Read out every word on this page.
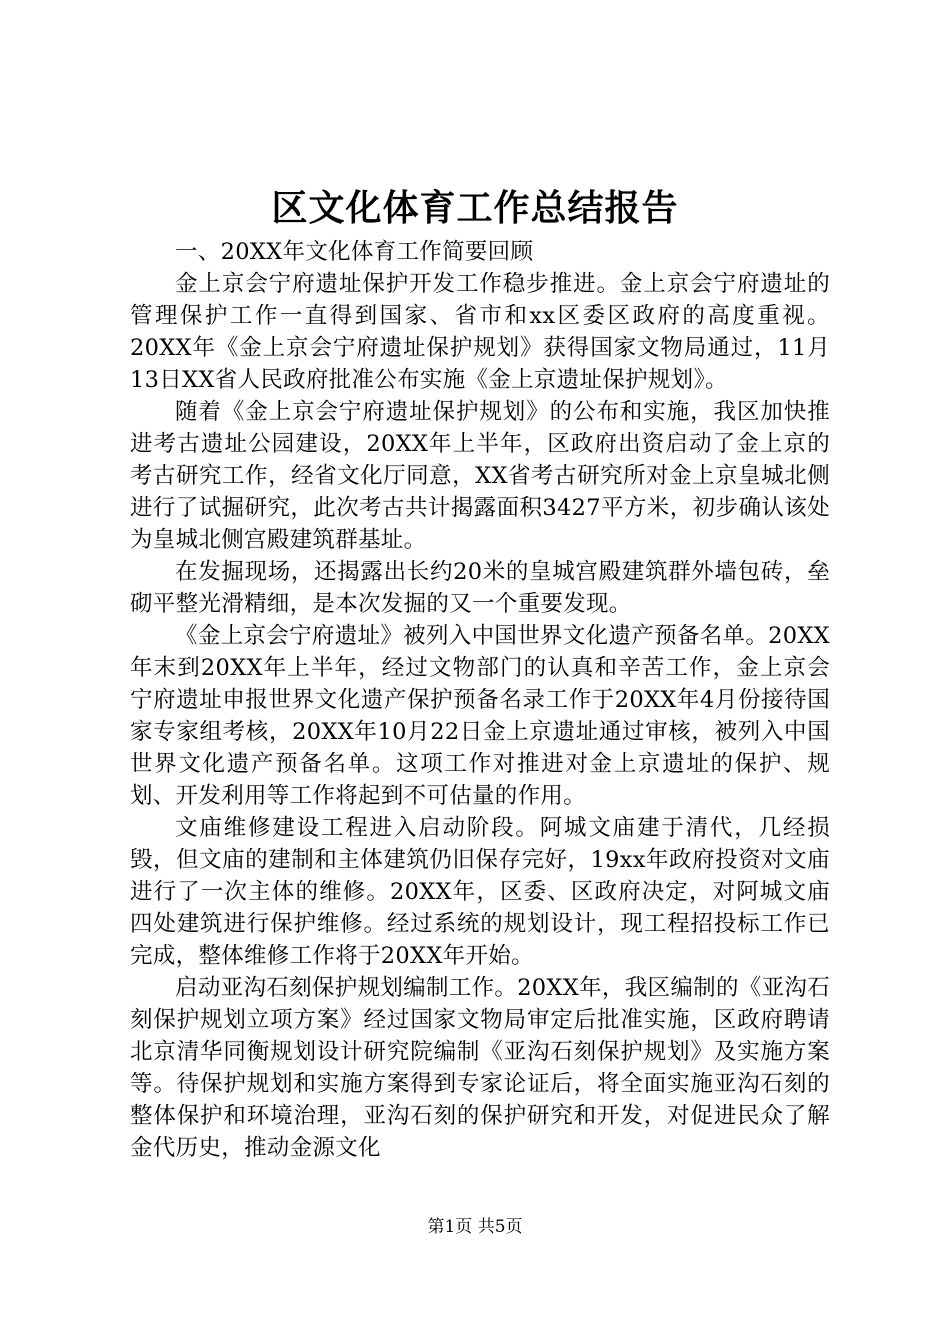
区文化体育工作总结报告

一、20XX年文化体育工作简要回顾

金上京会宁府遗址保护开发工作稳步推进。金上京会宁府遗址的管理保护工作一直得到国家、省市和xx区委区政府的高度重视。20XX年《金上京会宁府遗址保护规划》获得国家文物局通过，11月13日XX省人民政府批准公布实施《金上京遗址保护规划》。

随着《金上京会宁府遗址保护规划》的公布和实施，我区加快推进考古遗址公园建设，20XX年上半年，区政府出资启动了金上京的考古研究工作，经省文化厅同意，XX省考古研究所对金上京皇城北侧进行了试掘研究，此次考古共计揭露面积3427平方米，初步确认该处为皇城北侧宫殿建筑群基址。

在发掘现场，还揭露出长约20米的皇城宫殿建筑群外墙包砖，垒砌平整光滑精细，是本次发掘的又一个重要发现。

《金上京会宁府遗址》被列入中国世界文化遗产预备名单。20XX年末到20XX年上半年，经过文物部门的认真和辛苦工作，金上京会宁府遗址申报世界文化遗产保护预备名录工作于20XX年4月份接待国家专家组考核，20XX年10月22日金上京遗址通过审核，被列入中国世界文化遗产预备名单。这项工作对推进对金上京遗址的保护、规划、开发利用等工作将起到不可估量的作用。

文庙维修建设工程进入启动阶段。阿城文庙建于清代，几经损毁，但文庙的建制和主体建筑仍旧保存完好，19xx年政府投资对文庙进行了一次主体的维修。20XX年，区委、区政府决定，对阿城文庙四处建筑进行保护维修。经过系统的规划设计，现工程招投标工作已完成，整体维修工作将于20XX年开始。

启动亚沟石刻保护规划编制工作。20XX年，我区编制的《亚沟石刻保护规划立项方案》经过国家文物局审定后批准实施，区政府聘请北京清华同衡规划设计研究院编制《亚沟石刻保护规划》及实施方案等。待保护规划和实施方案得到专家论证后，将全面实施亚沟石刻的整体保护和环境治理，亚沟石刻的保护研究和开发，对促进民众了解金代历史，推动金源文化

第1页 共5页
